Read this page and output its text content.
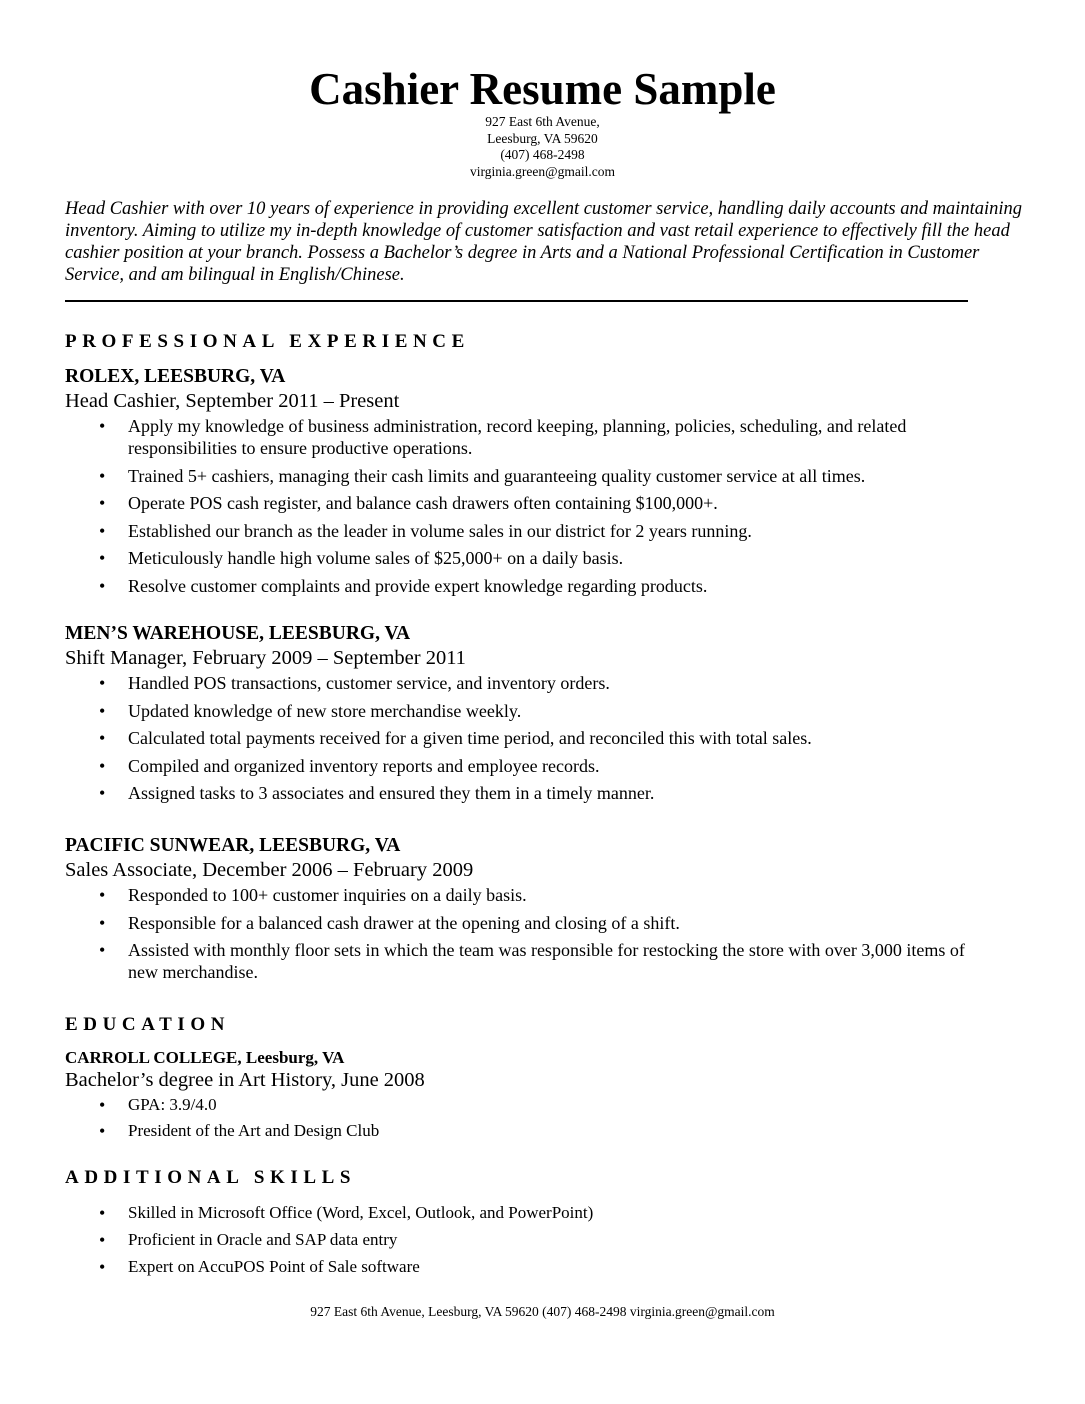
Cashier Resume Sample
927 East 6th Avenue,
Leesburg, VA 59620
(407) 468-2498
virginia.green@gmail.com
Head Cashier with over 10 years of experience in providing excellent customer service, handling daily accounts and maintaining inventory. Aiming to utilize my in-depth knowledge of customer satisfaction and vast retail experience to effectively fill the head cashier position at your branch. Possess a Bachelor’s degree in Arts and a National Professional Certification in Customer Service, and am bilingual in English/Chinese.
PROFESSIONAL EXPERIENCE
ROLEX, LEESBURG, VA
Head Cashier, September 2011 – Present
• Apply my knowledge of business administration, record keeping, planning, policies, scheduling, and related responsibilities to ensure productive operations.
• Trained 5+ cashiers, managing their cash limits and guaranteeing quality customer service at all times.
• Operate POS cash register, and balance cash drawers often containing $100,000+.
• Established our branch as the leader in volume sales in our district for 2 years running.
• Meticulously handle high volume sales of $25,000+ on a daily basis.
• Resolve customer complaints and provide expert knowledge regarding products.
MEN’S WAREHOUSE, LEESBURG, VA
Shift Manager, February 2009 – September 2011
• Handled POS transactions, customer service, and inventory orders.
• Updated knowledge of new store merchandise weekly.
• Calculated total payments received for a given time period, and reconciled this with total sales.
• Compiled and organized inventory reports and employee records.
• Assigned tasks to 3 associates and ensured they them in a timely manner.
PACIFIC SUNWEAR, LEESBURG, VA
Sales Associate, December 2006 – February 2009
• Responded to 100+ customer inquiries on a daily basis.
• Responsible for a balanced cash drawer at the opening and closing of a shift.
• Assisted with monthly floor sets in which the team was responsible for restocking the store with over 3,000 items of new merchandise.
EDUCATION
CARROLL COLLEGE, Leesburg, VA
Bachelor’s degree in Art History, June 2008
• GPA: 3.9/4.0
• President of the Art and Design Club
ADDITIONAL SKILLS
• Skilled in Microsoft Office (Word, Excel, Outlook, and PowerPoint)
• Proficient in Oracle and SAP data entry
• Expert on AccuPOS Point of Sale software
927 East 6th Avenue, Leesburg, VA 59620 (407) 468-2498 virginia.green@gmail.com
